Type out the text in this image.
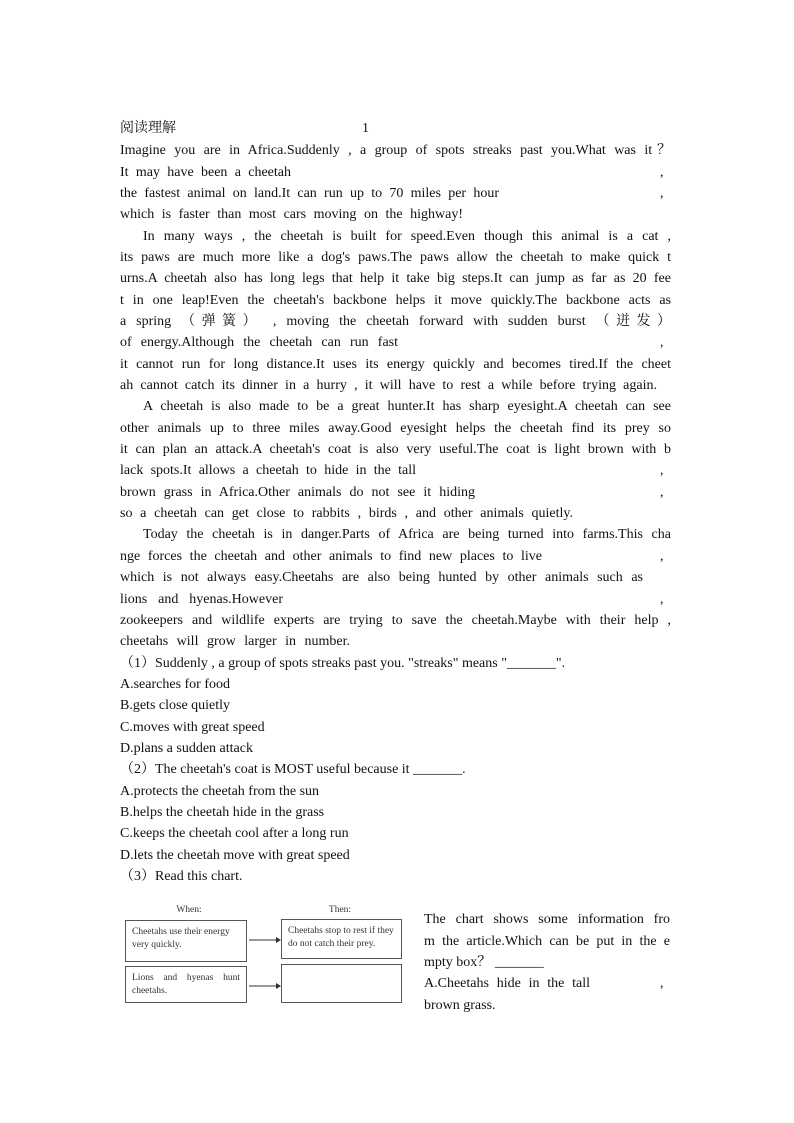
阅读理解	1
Imagine you are in Africa.Suddenly , a group of spots streaks past you.What was it？
It may have been a cheetah	,
the fastest animal on land.It can run up to 70 miles per hour	,
which is faster than most cars moving on the highway!
In many ways , the cheetah is built for speed.Even though this animal is a cat ,
its paws are much more like a dog's paws.The paws allow the cheetah to make quick t
urns.A cheetah also has long legs that help it take big steps.It can jump as far as 20 fee
t in one leap!Even the cheetah's backbone helps it move quickly.The backbone acts as
a spring （弹簧） , moving the cheetah forward with sudden burst （迸发）
of energy.Although the cheetah can run fast	,
it cannot run for long distance.It uses its energy quickly and becomes tired.If the cheet
ah cannot catch its dinner in a hurry , it will have to rest a while before trying again.
A cheetah is also made to be a great hunter.It has sharp eyesight.A cheetah can see
other animals up to three miles away.Good eyesight helps the cheetah find its prey so
it can plan an attack.A cheetah's coat is also very useful.The coat is light brown with b
lack spots.It allows a cheetah to hide in the tall	,
brown grass in Africa.Other animals do not see it hiding	,
so a cheetah can get close to rabbits , birds , and other animals quietly.
Today the cheetah is in danger.Parts of Africa are being turned into farms.This cha
nge forces the cheetah and other animals to find new places to live	,
which is not always easy.Cheetahs are also being hunted by other animals such as
lions and hyenas.However	,
zookeepers and wildlife experts are trying to save the cheetah.Maybe with their help ,
cheetahs will grow larger in number.
（1）Suddenly , a group of spots streaks past you. "streaks" means "_______".
A.searches for food
B.gets close quietly
C.moves with great speed
D.plans a sudden attack
（2）The cheetah's coat is MOST useful because it _______.
A.protects the cheetah from the sun
B.helps the cheetah hide in the grass
C.keeps the cheetah cool after a long run
D.lets the cheetah move with great speed
（3）Read this chart.
When:	Then:
Cheetahs use their energy very quickly.
Cheetahs stop to rest if they do not catch their prey.
Lions and hyenas hunt cheetahs.
The chart shows some information fro
m the article.Which can be put in the e
mpty box？ _______
A.Cheetahs hide in the tall	,
brown grass.
